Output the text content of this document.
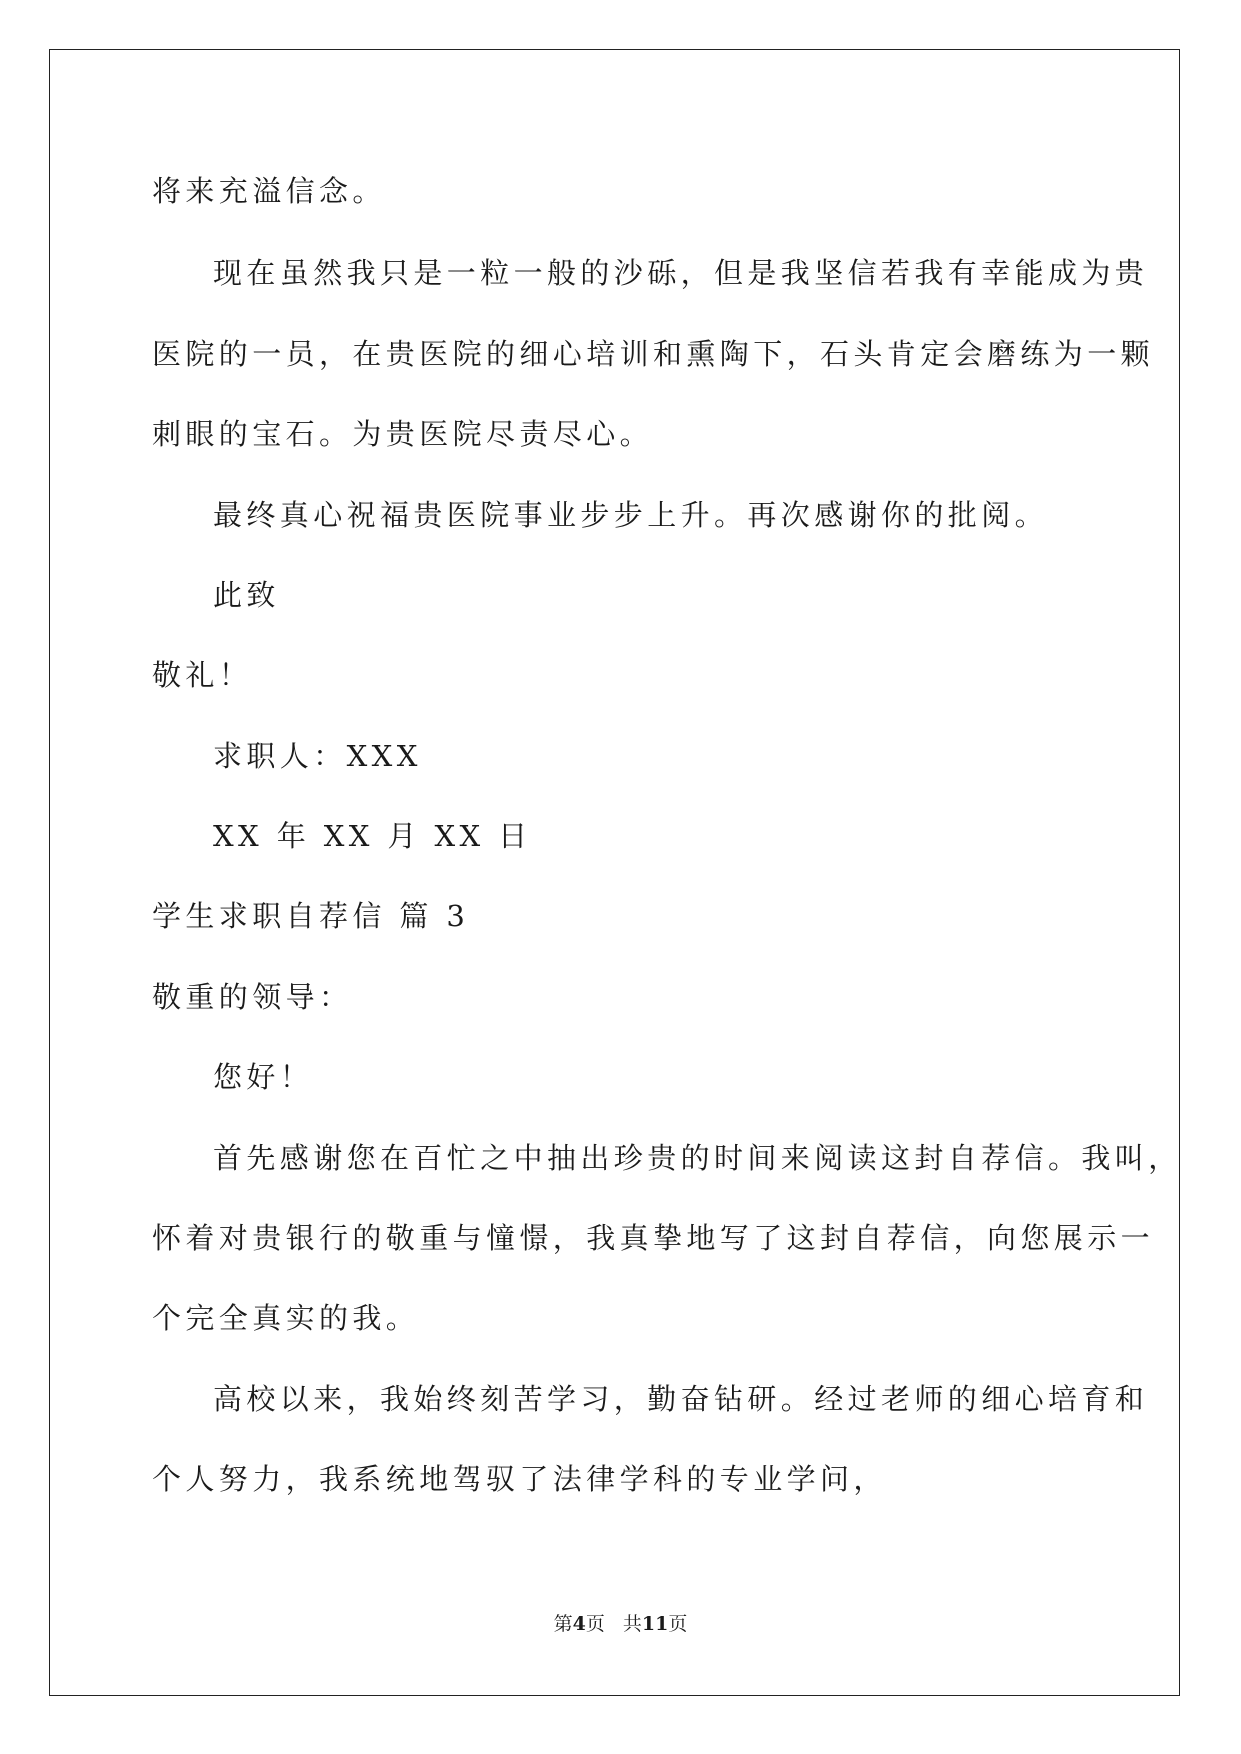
将来充溢信念。
现在虽然我只是一粒一般的沙砾，但是我坚信若我有幸能成为贵
医院的一员，在贵医院的细心培训和熏陶下，石头肯定会磨练为一颗
刺眼的宝石。为贵医院尽责尽心。
最终真心祝福贵医院事业步步上升。再次感谢你的批阅。
此致
敬礼！
求职人：XXX
XX 年 XX 月 XX 日
学生求职自荐信 篇 3
敬重的领导：
您好！
首先感谢您在百忙之中抽出珍贵的时间来阅读这封自荐信。我叫，
怀着对贵银行的敬重与憧憬，我真挚地写了这封自荐信，向您展示一
个完全真实的我。
高校以来，我始终刻苦学习，勤奋钻研。经过老师的细心培育和
个人努力，我系统地驾驭了法律学科的专业学问，
第4页 共11页
